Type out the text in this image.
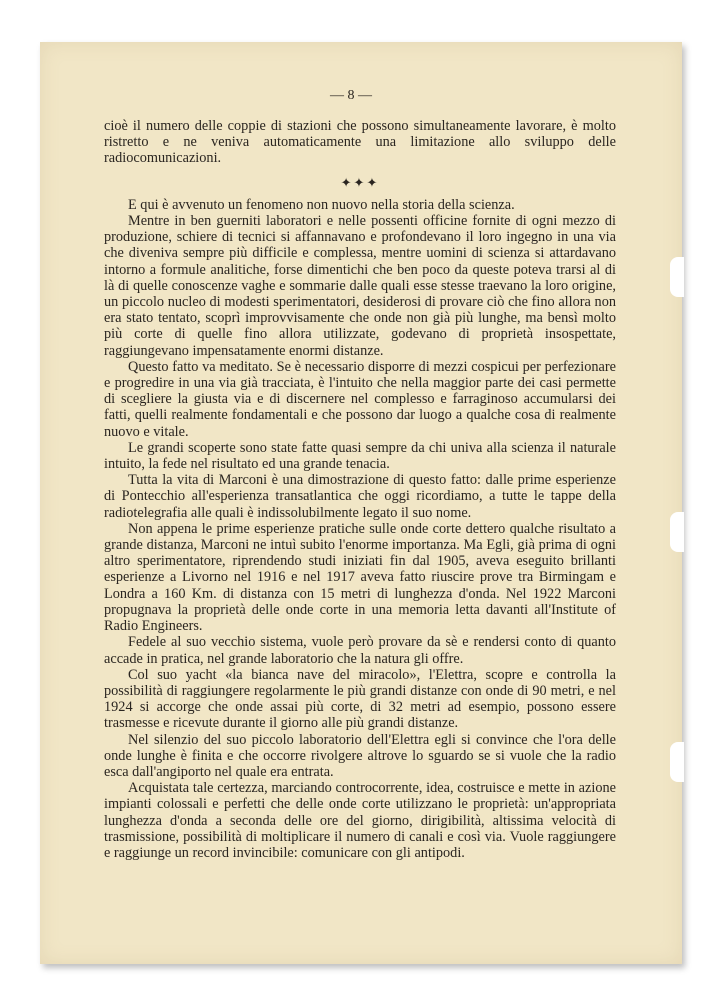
— 8 —

cioè il numero delle coppie di stazioni che possono simultaneamente lavorare, è molto ristretto e ne veniva automaticamente una limitazione allo sviluppo delle radiocomunicazioni.

✦✦✦

E qui è avvenuto un fenomeno non nuovo nella storia della scienza.

Mentre in ben guerniti laboratori e nelle possenti officine fornite di ogni mezzo di produzione, schiere di tecnici si affannavano e profondevano il loro ingegno in una via che diveniva sempre più difficile e complessa, mentre uomini di scienza si attardavano intorno a formule analitiche, forse dimentichi che ben poco da queste poteva trarsi al di là di quelle conoscenze vaghe e sommarie dalle quali esse stesse traevano la loro origine, un piccolo nucleo di modesti sperimentatori, desiderosi di provare ciò che fino allora non era stato tentato, scoprì improvvisamente che onde non già più lunghe, ma bensì molto più corte di quelle fino allora utilizzate, godevano di proprietà insospettate, raggiungevano impensatamente enormi distanze.

Questo fatto va meditato. Se è necessario disporre di mezzi cospicui per perfezionare e progredire in una via già tracciata, è l'intuito che nella maggior parte dei casi permette di scegliere la giusta via e di discernere nel complesso e farraginoso accumularsi dei fatti, quelli realmente fondamentali e che possono dar luogo a qualche cosa di realmente nuovo e vitale.

Le grandi scoperte sono state fatte quasi sempre da chi univa alla scienza il naturale intuito, la fede nel risultato ed una grande tenacia.

Tutta la vita di Marconi è una dimostrazione di questo fatto: dalle prime esperienze di Pontecchio all'esperienza transatlantica che oggi ricordiamo, a tutte le tappe della radiotelegrafia alle quali è indissolubilmente legato il suo nome.

Non appena le prime esperienze pratiche sulle onde corte dettero qualche risultato a grande distanza, Marconi ne intuì subito l'enorme importanza. Ma Egli, già prima di ogni altro sperimentatore, riprendendo studi iniziati fin dal 1905, aveva eseguito brillanti esperienze a Livorno nel 1916 e nel 1917 aveva fatto riuscire prove tra Birmingam e Londra a 160 Km. di distanza con 15 metri di lunghezza d'onda. Nel 1922 Marconi propugnava la proprietà delle onde corte in una memoria letta davanti all'Institute of Radio Engineers.

Fedele al suo vecchio sistema, vuole però provare da sè e rendersi conto di quanto accade in pratica, nel grande laboratorio che la natura gli offre.

Col suo yacht «la bianca nave del miracolo», l'Elettra, scopre e controlla la possibilità di raggiungere regolarmente le più grandi distanze con onde di 90 metri, e nel 1924 si accorge che onde assai più corte, di 32 metri ad esempio, possono essere trasmesse e ricevute durante il giorno alle più grandi distanze.

Nel silenzio del suo piccolo laboratorio dell'Elettra egli si convince che l'ora delle onde lunghe è finita e che occorre rivolgere altrove lo sguardo se si vuole che la radio esca dall'angiporto nel quale era entrata.

Acquistata tale certezza, marciando controcorrente, idea, costruisce e mette in azione impianti colossali e perfetti che delle onde corte utilizzano le proprietà: un'appropriata lunghezza d'onda a seconda delle ore del giorno, dirigibilità, altissima velocità di trasmissione, possibilità di moltiplicare il numero di canali e così via. Vuole raggiungere e raggiunge un record invincibile: comunicare con gli antipodi.
